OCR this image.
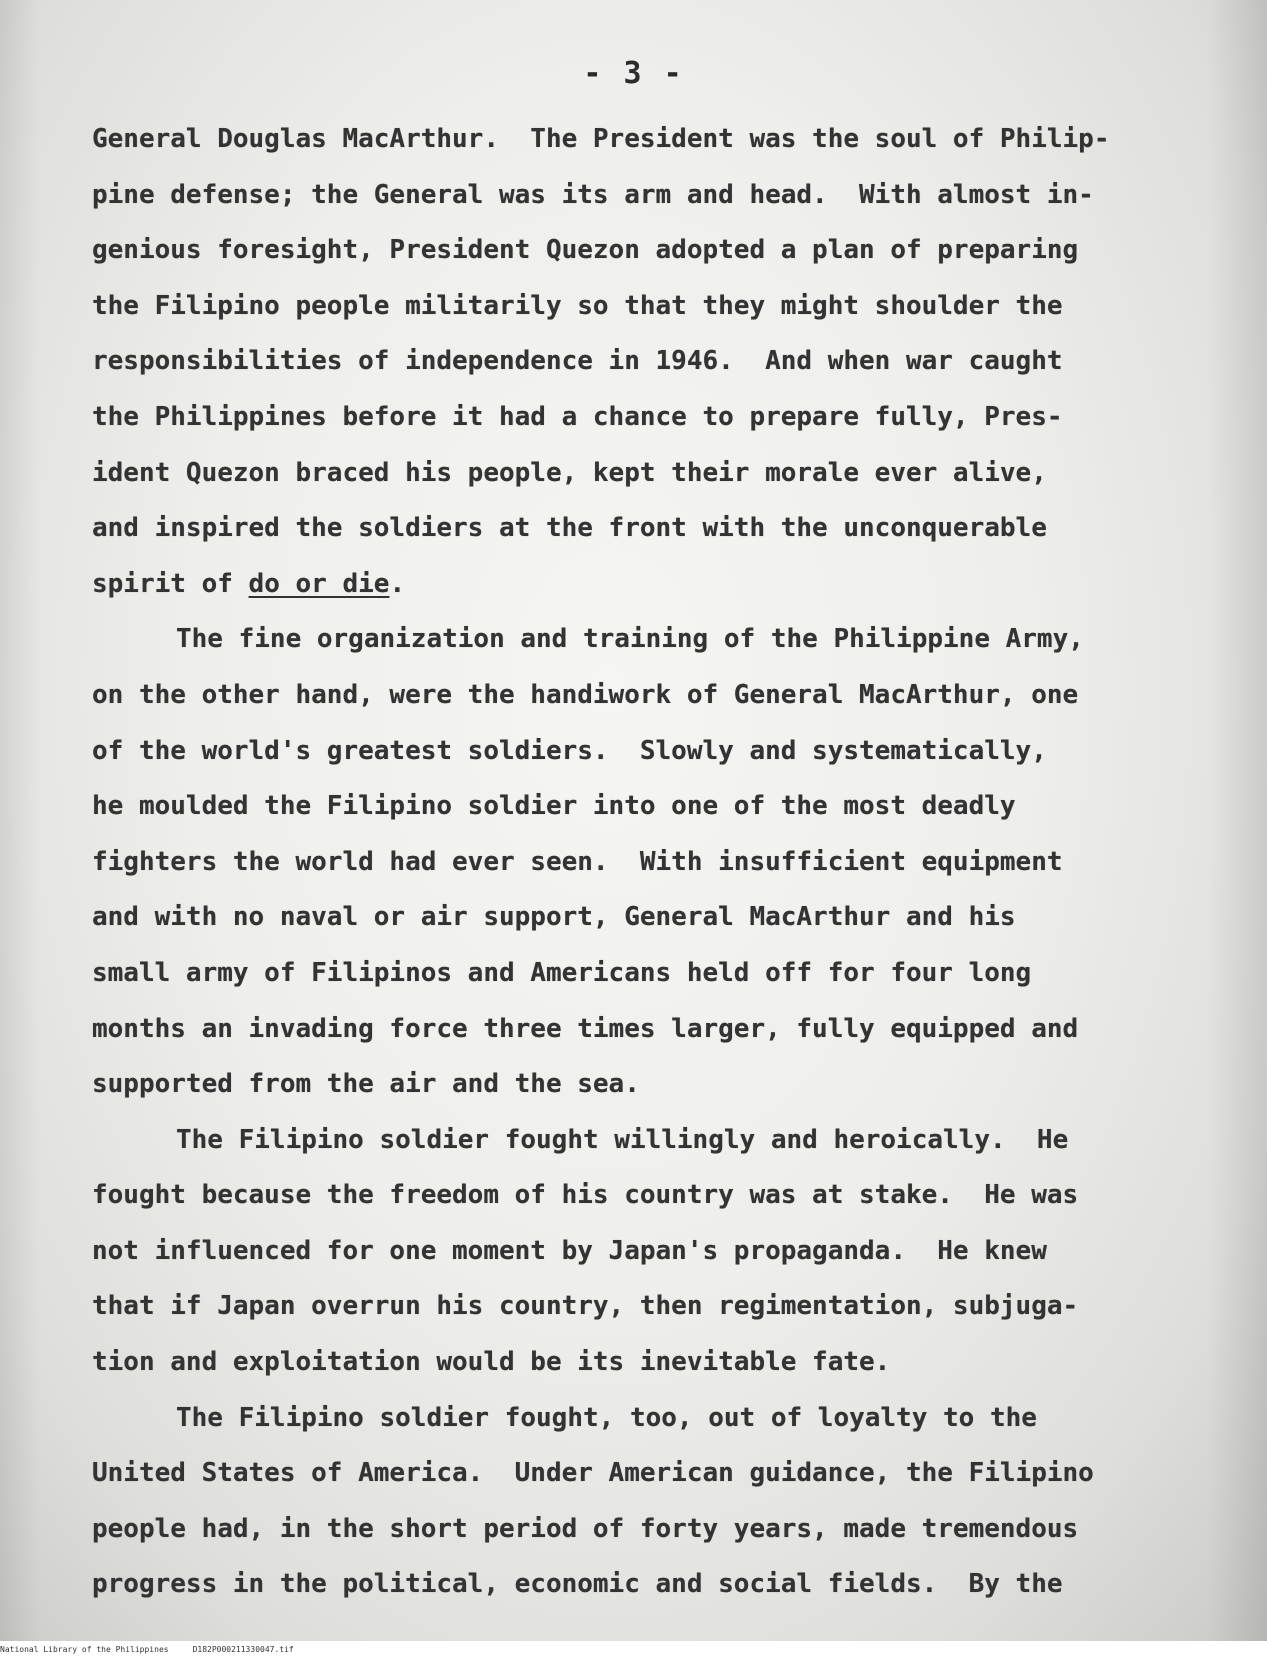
- 3 -
General Douglas MacArthur.  The President was the soul of Philip-
pine defense; the General was its arm and head.  With almost in-
genious foresight, President Quezon adopted a plan of preparing
the Filipino people militarily so that they might shoulder the
responsibilities of independence in 1946.  And when war caught
the Philippines before it had a chance to prepare fully, Pres-
ident Quezon braced his people, kept their morale ever alive,
and inspired the soldiers at the front with the unconquerable
spirit of do or die.
The fine organization and training of the Philippine Army,
on the other hand, were the handiwork of General MacArthur, one
of the world's greatest soldiers.  Slowly and systematically,
he moulded the Filipino soldier into one of the most deadly
fighters the world had ever seen.  With insufficient equipment
and with no naval or air support, General MacArthur and his
small army of Filipinos and Americans held off for four long
months an invading force three times larger, fully equipped and
supported from the air and the sea.
The Filipino soldier fought willingly and heroically.  He
fought because the freedom of his country was at stake.  He was
not influenced for one moment by Japan's propaganda.  He knew
that if Japan overrun his country, then regimentation, subjuga-
tion and exploitation would be its inevitable fate.
The Filipino soldier fought, too, out of loyalty to the
United States of America.  Under American guidance, the Filipino
people had, in the short period of forty years, made tremendous
progress in the political, economic and social fields.  By the
National Library of the Philippines	D182P000211330047.tif
